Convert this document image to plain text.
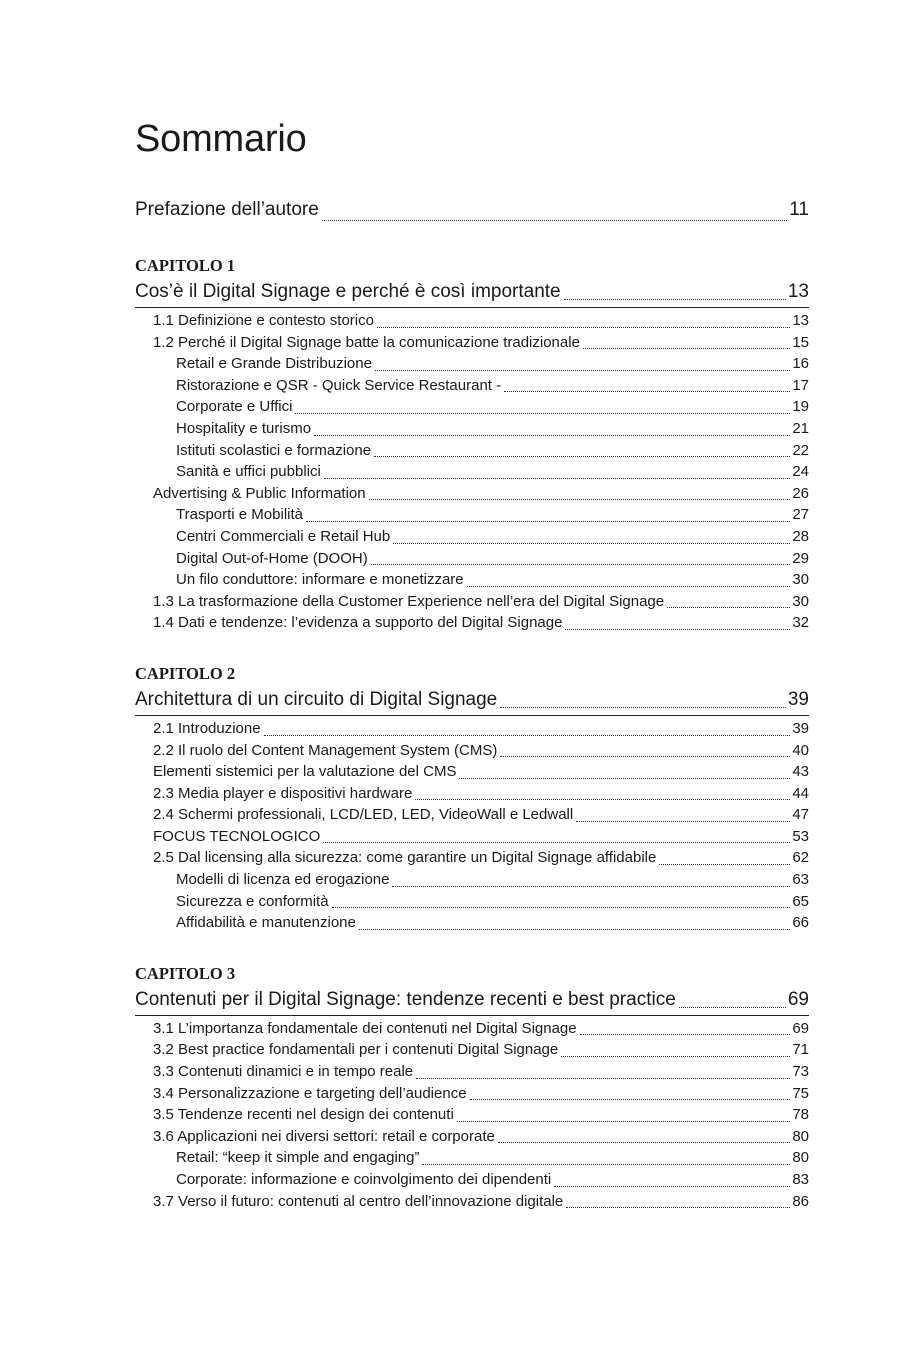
Sommario
Prefazione dell’autore	11
CAPITOLO 1
Cos’è il Digital Signage e perché è così importante	13
1.1 Definizione e contesto storico	13
1.2 Perché il Digital Signage batte la comunicazione tradizionale	15
Retail e Grande Distribuzione	16
Ristorazione e QSR - Quick Service Restaurant -	17
Corporate e Uffici	19
Hospitality e turismo	21
Istituti scolastici e formazione	22
Sanità e uffici pubblici	24
Advertising & Public Information	26
Trasporti e Mobilità	27
Centri Commerciali e Retail Hub	28
Digital Out-of-Home (DOOH)	29
Un filo conduttore: informare e monetizzare	30
1.3 La trasformazione della Customer Experience nell’era del Digital Signage	30
1.4 Dati e tendenze: l’evidenza a supporto del Digital Signage	32
CAPITOLO 2
Architettura di un circuito di Digital Signage	39
2.1 Introduzione	39
2.2 Il ruolo del Content Management System (CMS)	40
Elementi sistemici per la valutazione del CMS	43
2.3 Media player e dispositivi hardware	44
2.4 Schermi professionali, LCD/LED, LED, VideoWall e Ledwall	47
FOCUS TECNOLOGICO	53
2.5 Dal licensing alla sicurezza: come garantire un Digital Signage affidabile	62
Modelli di licenza ed erogazione	63
Sicurezza e conformità	65
Affidabilità e manutenzione	66
CAPITOLO 3
Contenuti per il Digital Signage: tendenze recenti e best practice	69
3.1 L’importanza fondamentale dei contenuti nel Digital Signage	69
3.2 Best practice fondamentali per i contenuti Digital Signage	71
3.3 Contenuti dinamici e in tempo reale	73
3.4 Personalizzazione e targeting dell’audience	75
3.5 Tendenze recenti nel design dei contenuti	78
3.6 Applicazioni nei diversi settori: retail e corporate	80
Retail: “keep it simple and engaging”	80
Corporate: informazione e coinvolgimento dei dipendenti	83
3.7 Verso il futuro: contenuti al centro dell’innovazione digitale	86
